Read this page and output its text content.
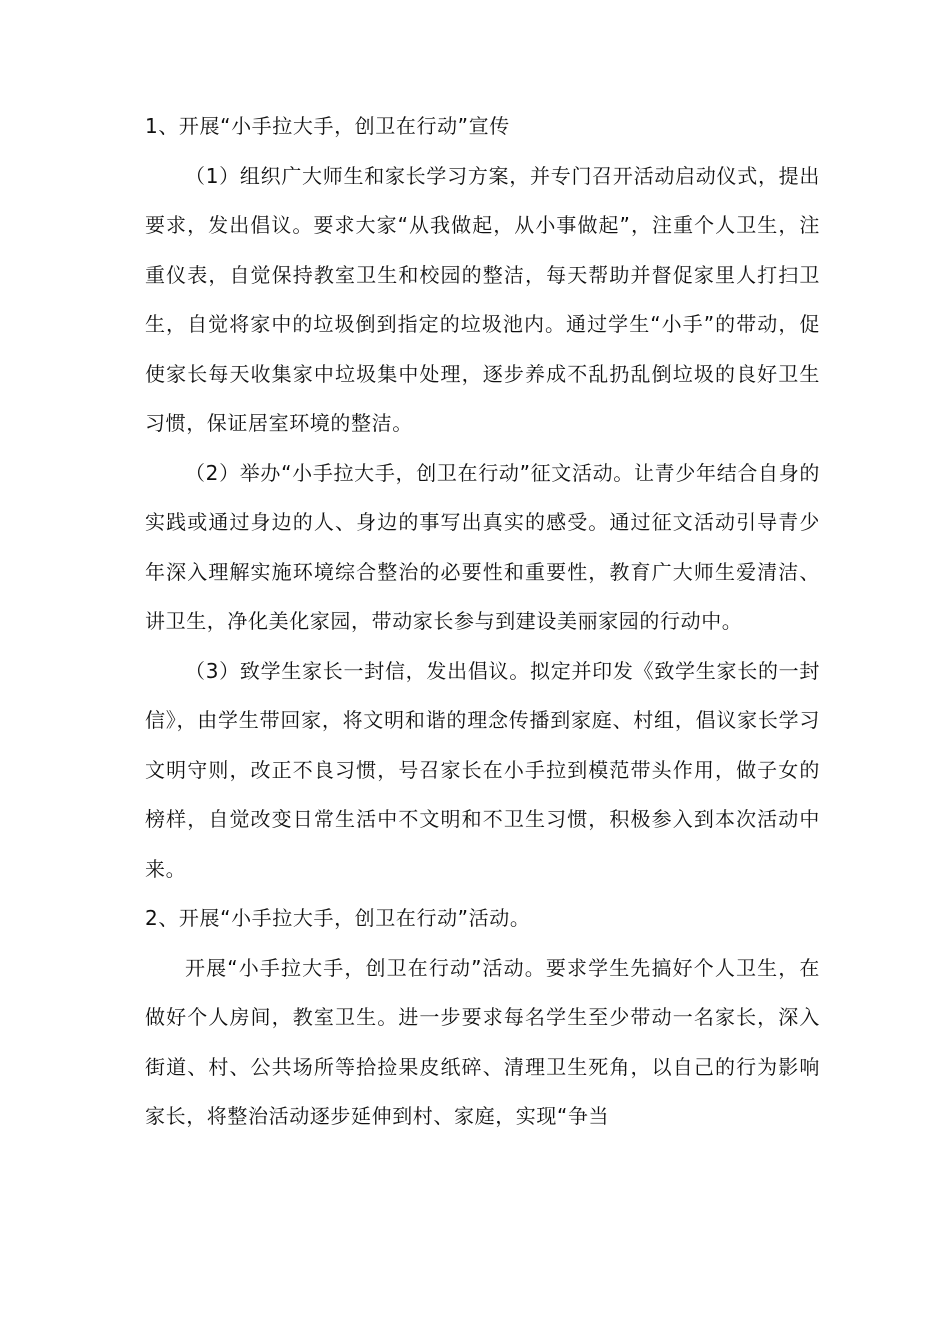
1、开展“小手拉大手，创卫在行动”宣传

（1）组织广大师生和家长学习方案，并专门召开活动启动仪式，提出要求，发出倡议。要求大家“从我做起，从小事做起”，注重个人卫生，注重仪表，自觉保持教室卫生和校园的整洁，每天帮助并督促家里人打扫卫生，自觉将家中的垃圾倒到指定的垃圾池内。通过学生“小手”的带动，促使家长每天收集家中垃圾集中处理，逐步养成不乱扔乱倒垃圾的良好卫生习惯，保证居室环境的整洁。

（2）举办“小手拉大手，创卫在行动”征文活动。让青少年结合自身的实践或通过身边的人、身边的事写出真实的感受。通过征文活动引导青少年深入理解实施环境综合整治的必要性和重要性，教育广大师生爱清洁、讲卫生，净化美化家园，带动家长参与到建设美丽家园的行动中。

（3）致学生家长一封信，发出倡议。拟定并印发《致学生家长的一封信》，由学生带回家，将文明和谐的理念传播到家庭、村组，倡议家长学习文明守则，改正不良习惯，号召家长在小手拉到模范带头作用，做子女的榜样，自觉改变日常生活中不文明和不卫生习惯，积极参入到本次活动中来。

2、开展“小手拉大手，创卫在行动”活动。

开展“小手拉大手，创卫在行动”活动。要求学生先搞好个人卫生，在做好个人房间，教室卫生。进一步要求每名学生至少带动一名家长，深入街道、村、公共场所等拾捡果皮纸碎、清理卫生死角，以自己的行为影响家长，将整治活动逐步延伸到村、家庭，实现“争当
